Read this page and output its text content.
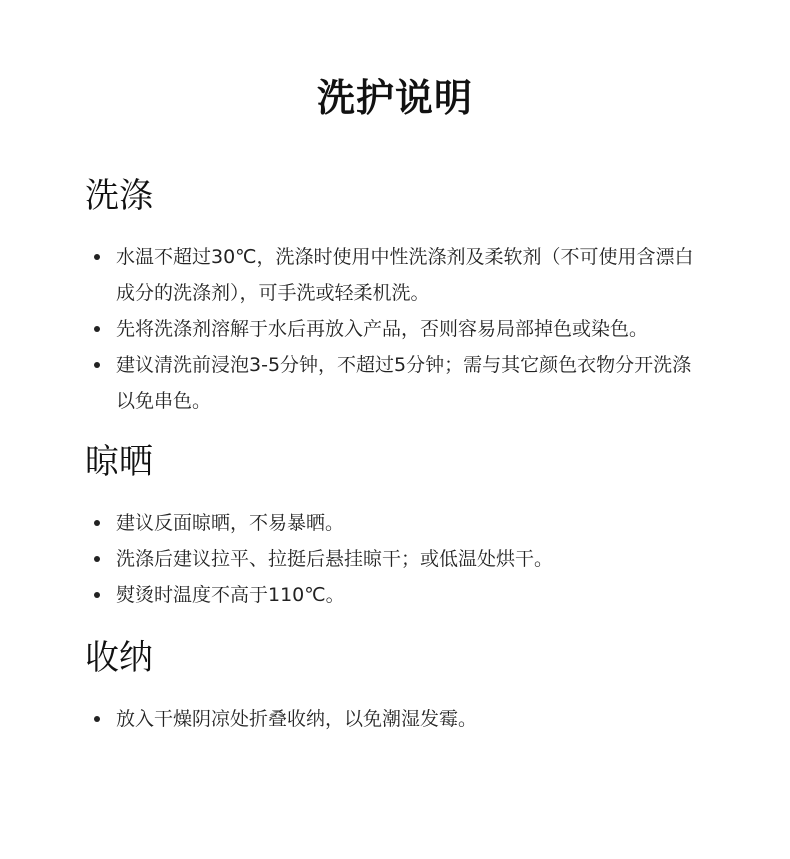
洗护说明
洗涤
水温不超过30℃，洗涤时使用中性洗涤剂及柔软剂（不可使用含漂白成分的洗涤剂），可手洗或轻柔机洗。
先将洗涤剂溶解于水后再放入产品，否则容易局部掉色或染色。
建议清洗前浸泡3-5分钟，不超过5分钟；需与其它颜色衣物分开洗涤以免串色。
晾晒
建议反面晾晒，不易暴晒。
洗涤后建议拉平、拉挺后悬挂晾干；或低温处烘干。
熨烫时温度不高于110℃。
收纳
放入干燥阴凉处折叠收纳，以免潮湿发霉。
